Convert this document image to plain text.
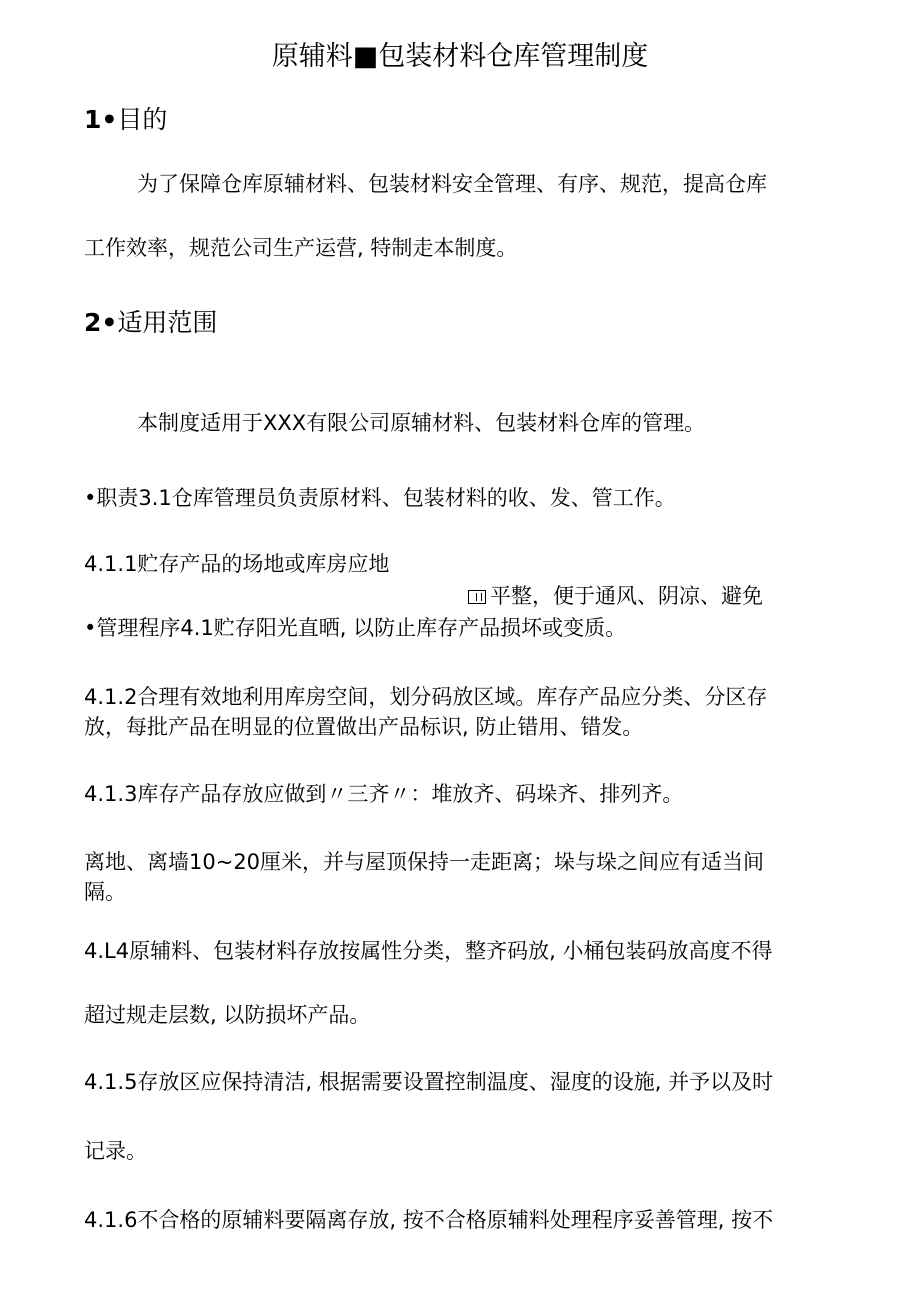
原辅料■包装材料仓库管理制度
1•目的
为了保障仓库原辅材料、包装材料安全管理、有序、规范，提高仓库
工作效率，规范公司生产运营, 特制走本制度。
2•适用范围
本制度适用于XXX有限公司原辅材料、包装材料仓库的管理。
•职责3.1仓库管理员负责原材料、包装材料的收、发、管工作。
4.1.1贮存产品的场地或库房应地
平整，便于通风、阴凉、避免
•管理程序4.1贮存阳光直晒, 以防止库存产品损坏或变质。
4.1.2合理有效地利用库房空间，划分码放区域。库存产品应分类、分区存
放，每批产品在明显的位置做出产品标识, 防止错用、错发。
4.1.3库存产品存放应做到〃三齐〃：堆放齐、码垛齐、排列齐。
离地、离墙10~20厘米，并与屋顶保持一走距离；垛与垛之间应有适当间
隔。
4.L4原辅料、包装材料存放按属性分类，整齐码放, 小桶包装码放高度不得
超过规走层数, 以防损坏产品。
4.1.5存放区应保持清洁, 根据需要设置控制温度、湿度的设施, 并予以及时
记录。
4.1.6不合格的原辅料要隔离存放, 按不合格原辅料处理程序妥善管理, 按不
